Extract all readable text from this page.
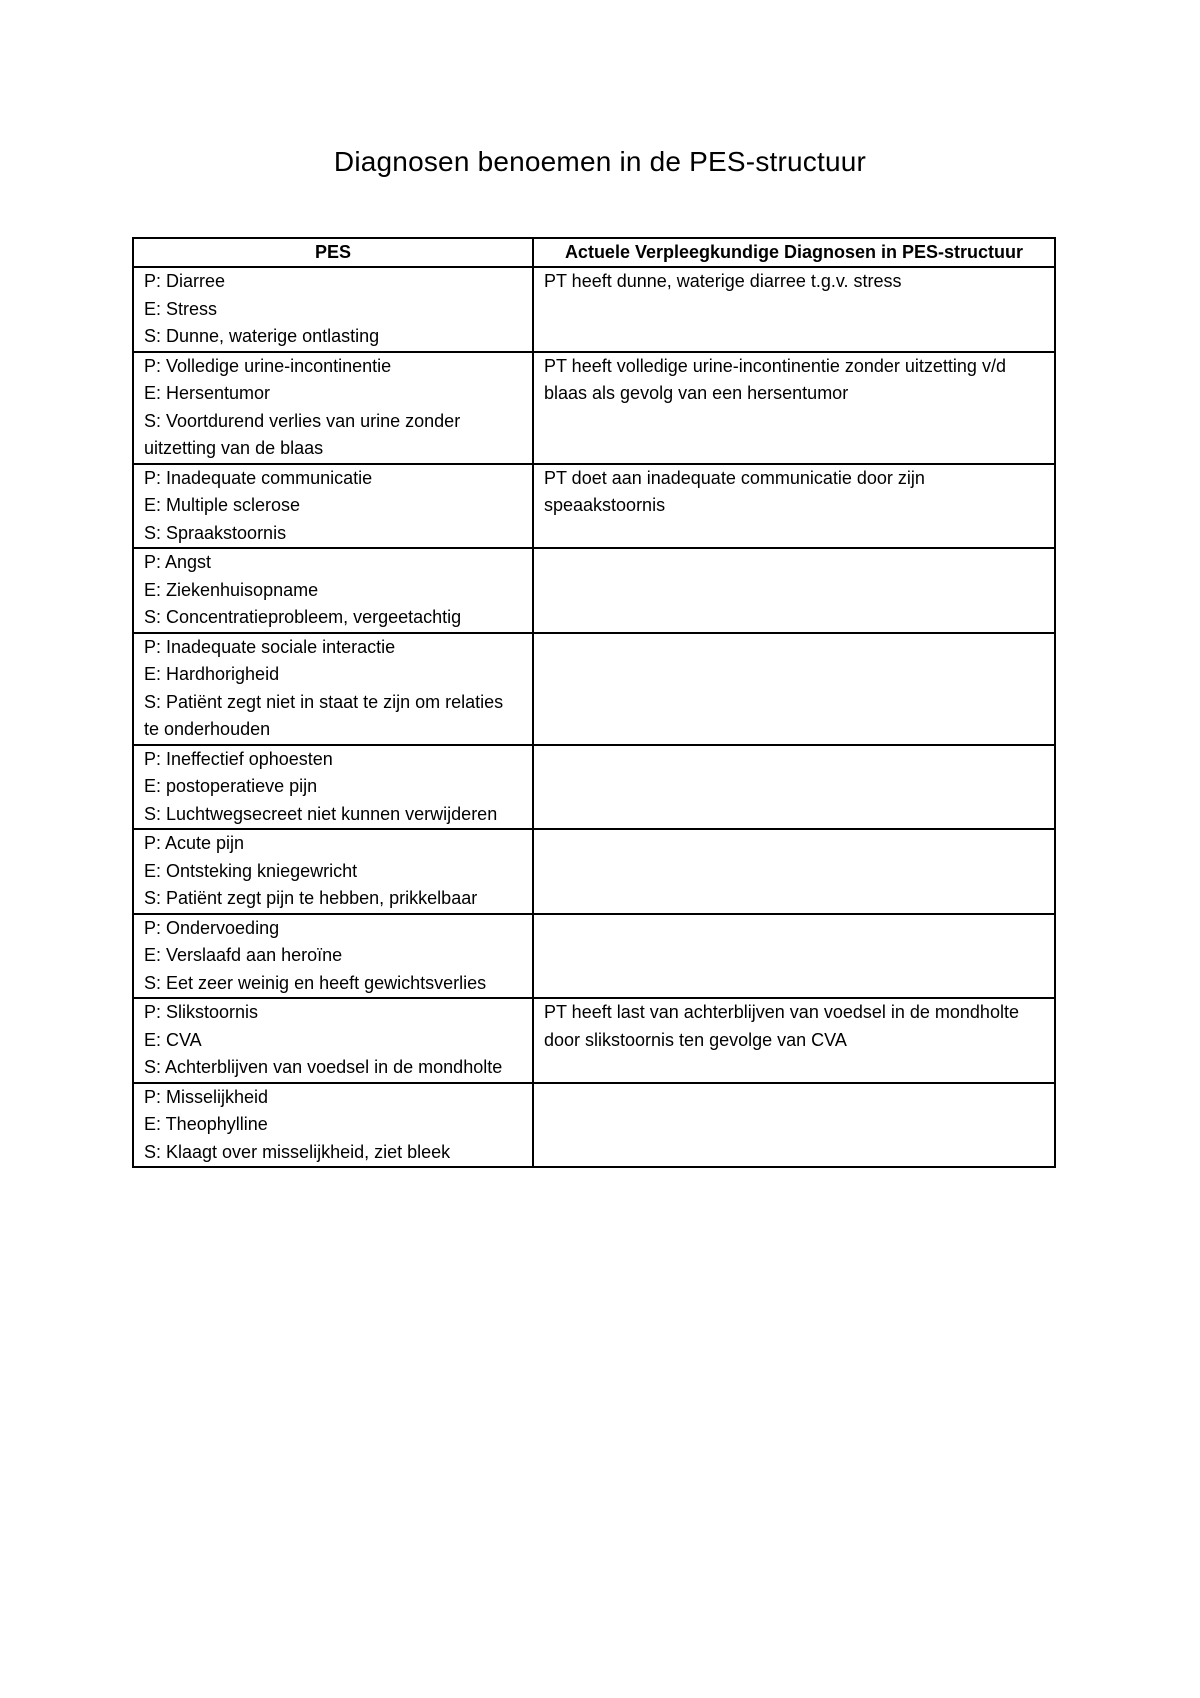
Diagnosen benoemen in de PES-structuur
PES	Actuele Verpleegkundige Diagnosen in PES-structuur

P: Diarree
E: Stress
S: Dunne, waterige ontlasting	PT heeft dunne, waterige diarree t.g.v. stress

P: Volledige urine-incontinentie
E: Hersentumor
S: Voortdurend verlies van urine zonder uitzetting van de blaas	PT heeft volledige urine-incontinentie zonder uitzetting v/d blaas als gevolg van een hersentumor

P: Inadequate communicatie
E: Multiple sclerose
S: Spraakstoornis	PT doet aan inadequate communicatie door zijn speaakstoornis

P: Angst
E: Ziekenhuisopname
S: Concentratieprobleem, vergeetachtig	

P: Inadequate sociale interactie
E: Hardhorigheid
S: Patiënt zegt niet in staat te zijn om relaties te onderhouden	

P: Ineffectief ophoesten
E: postoperatieve pijn
S: Luchtwegsecreet niet kunnen verwijderen	

P: Acute pijn
E: Ontsteking kniegewricht
S: Patiënt zegt pijn te hebben, prikkelbaar	

P: Ondervoeding
E: Verslaafd aan heroïne
S: Eet zeer weinig en heeft gewichtsverlies	

P: Slikstoornis
E: CVA
S: Achterblijven van voedsel in de mondholte	PT heeft last van achterblijven van voedsel in de mondholte door slikstoornis ten gevolge van CVA

P: Misselijkheid
E: Theophylline
S: Klaagt over misselijkheid, ziet bleek	
